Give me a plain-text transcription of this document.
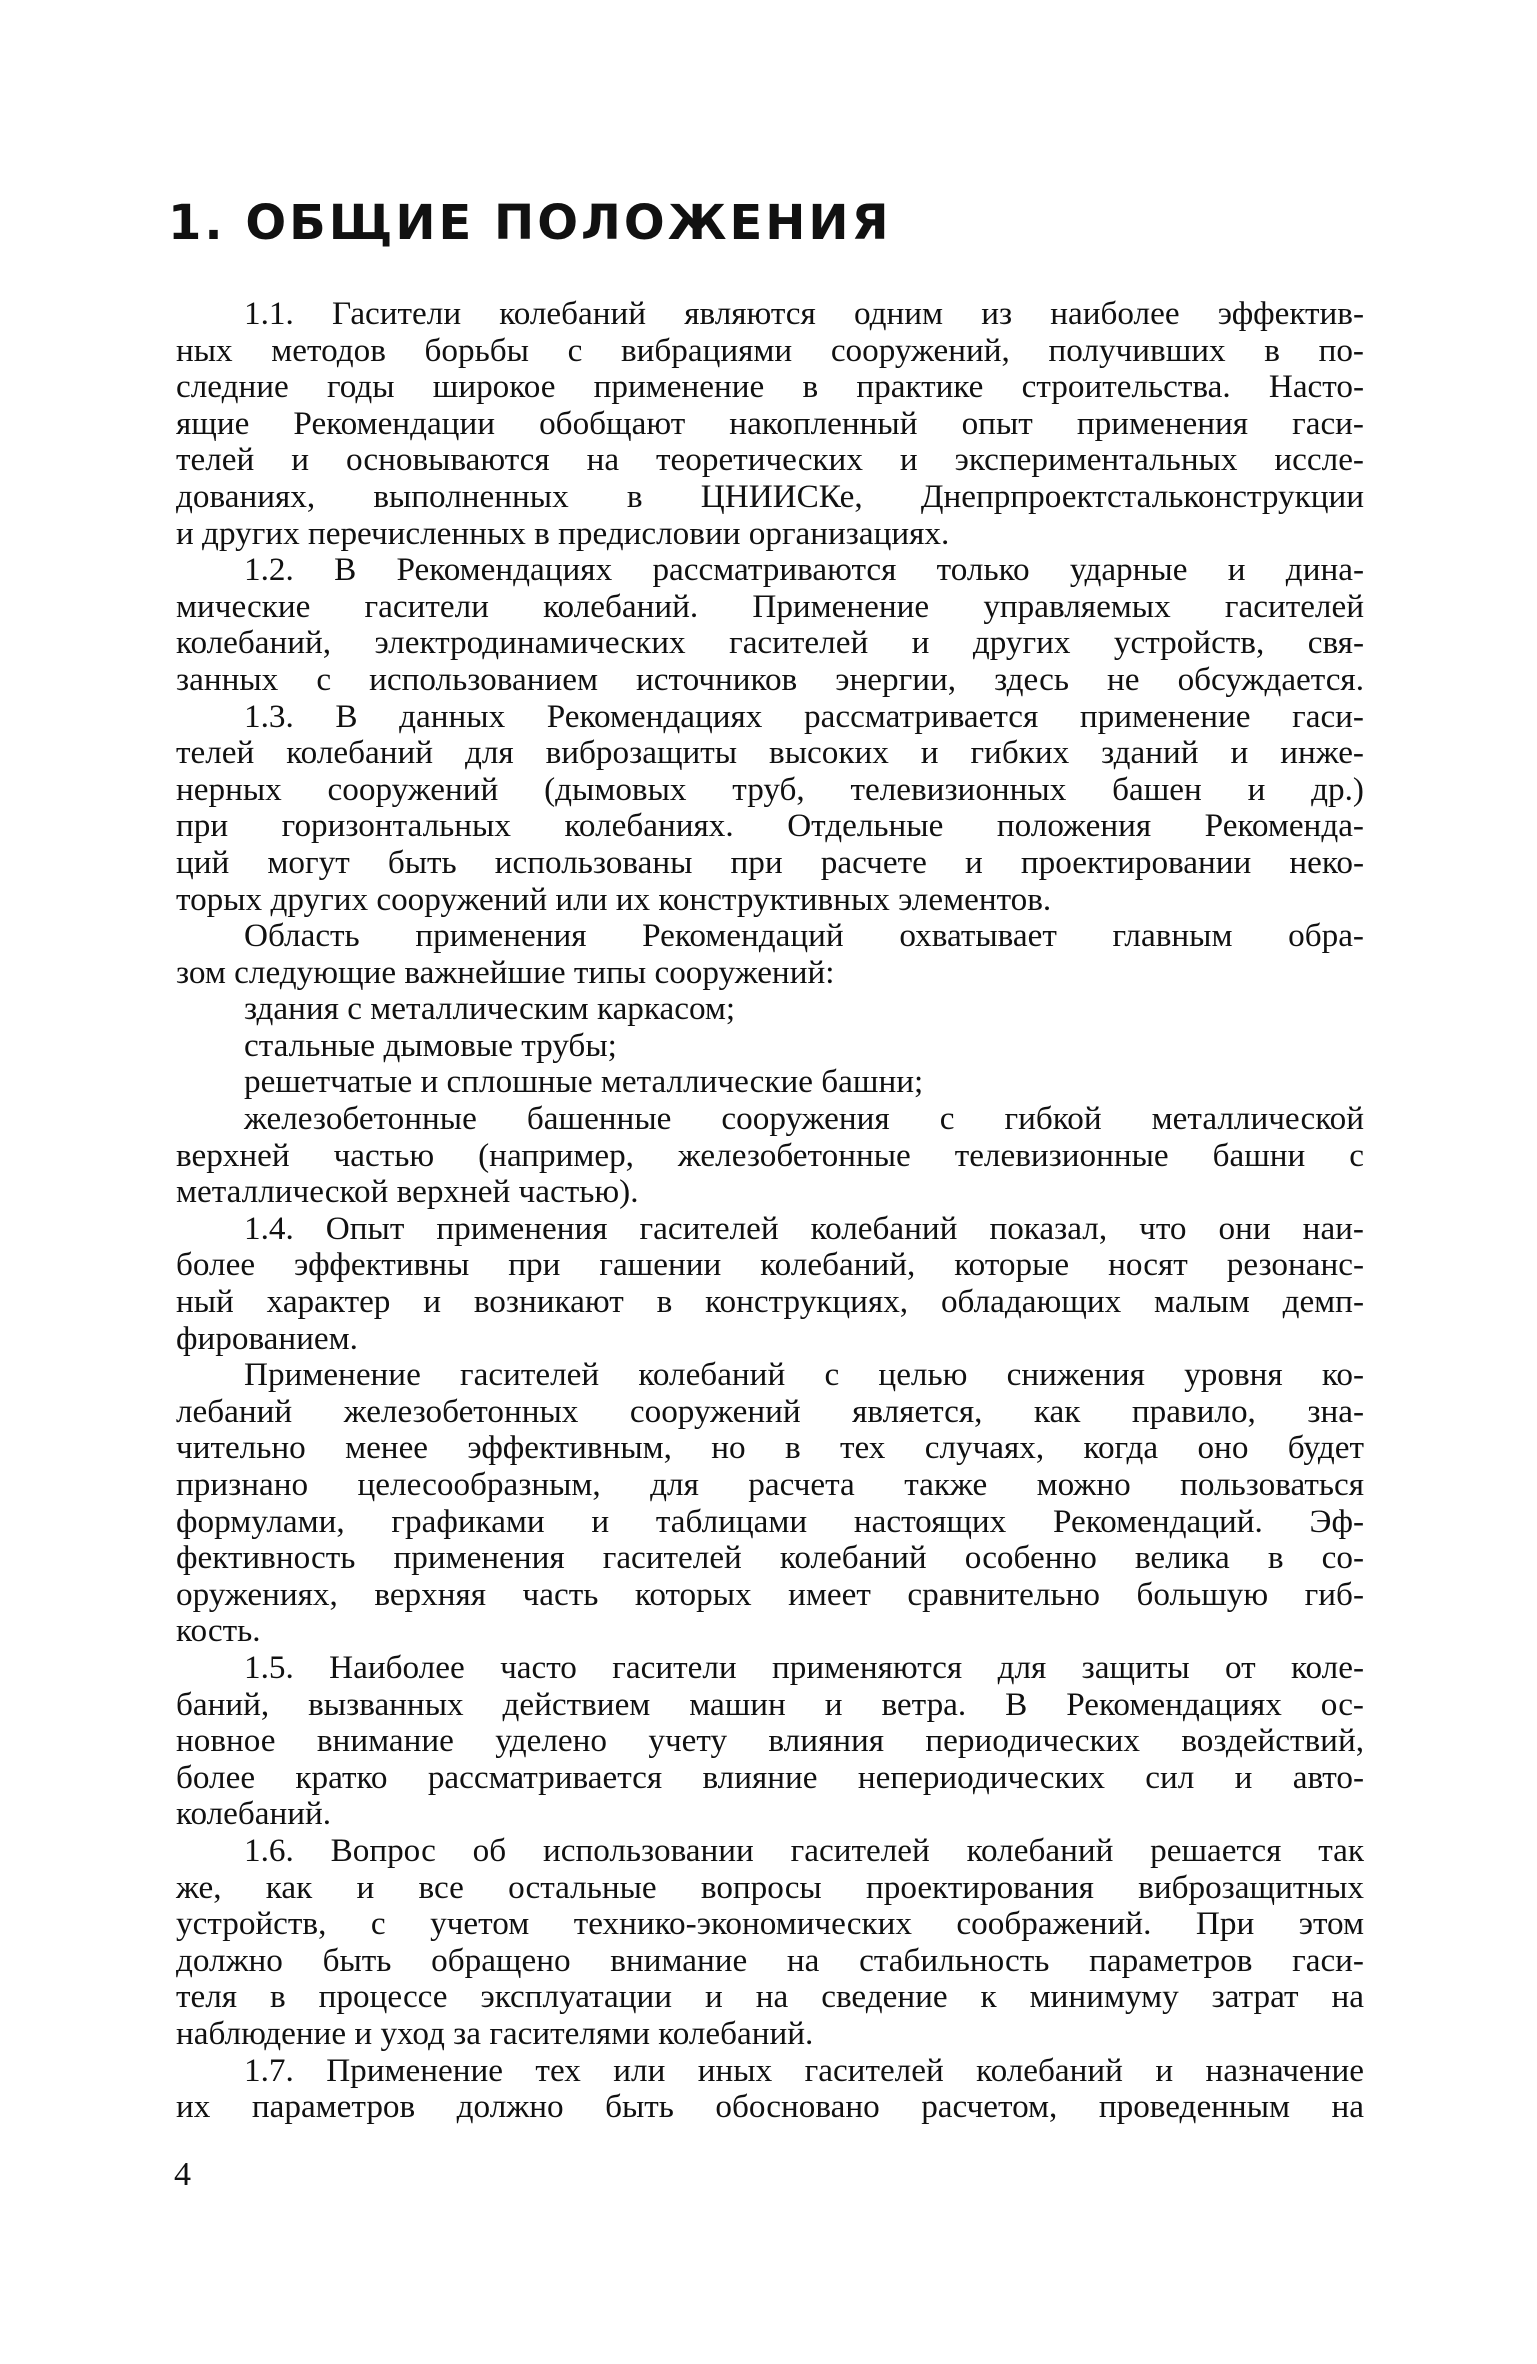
1. ОБЩИЕ ПОЛОЖЕНИЯ
1.1. Гасители колебаний являются одним из наиболее эффектив-
ных методов борьбы с вибрациями сооружений, получивших в по-
следние годы широкое применение в практике строительства. Насто-
ящие Рекомендации обобщают накопленный опыт применения гаси-
телей и основываются на теоретических и экспериментальных иссле-
дованиях, выполненных в ЦНИИСКе, Днепрпроектстальконструкции
и других перечисленных в предисловии организациях.
1.2. В Рекомендациях рассматриваются только ударные и дина-
мические гасители колебаний. Применение управляемых гасителей
колебаний, электродинамических гасителей и других устройств, свя-
занных с использованием источников энергии, здесь не обсуждается.
1.3. В данных Рекомендациях рассматривается применение гаси-
телей колебаний для виброзащиты высоких и гибких зданий и инже-
нерных сооружений (дымовых труб, телевизионных башен и др.)
при горизонтальных колебаниях. Отдельные положения Рекоменда-
ций могут быть использованы при расчете и проектировании неко-
торых других сооружений или их конструктивных элементов.
Область применения Рекомендаций охватывает главным обра-
зом следующие важнейшие типы сооружений:
здания с металлическим каркасом;
стальные дымовые трубы;
решетчатые и сплошные металлические башни;
железобетонные башенные сооружения с гибкой металлической
верхней частью (например, железобетонные телевизионные башни с
металлической верхней частью).
1.4. Опыт применения гасителей колебаний показал, что они наи-
более эффективны при гашении колебаний, которые носят резонанс-
ный характер и возникают в конструкциях, обладающих малым демп-
фированием.
Применение гасителей колебаний с целью снижения уровня ко-
лебаний железобетонных сооружений является, как правило, зна-
чительно менее эффективным, но в тех случаях, когда оно будет
признано целесообразным, для расчета также можно пользоваться
формулами, графиками и таблицами настоящих Рекомендаций. Эф-
фективность применения гасителей колебаний особенно велика в со-
оружениях, верхняя часть которых имеет сравнительно большую гиб-
кость.
1.5. Наиболее часто гасители применяются для защиты от коле-
баний, вызванных действием машин и ветра. В Рекомендациях ос-
новное внимание уделено учету влияния периодических воздействий,
более кратко рассматривается влияние непериодических сил и авто-
колебаний.
1.6. Вопрос об использовании гасителей колебаний решается так
же, как и все остальные вопросы проектирования виброзащитных
устройств, с учетом технико-экономических соображений. При этом
должно быть обращено внимание на стабильность параметров гаси-
теля в процессе эксплуатации и на сведение к минимуму затрат на
наблюдение и уход за гасителями колебаний.
1.7. Применение тех или иных гасителей колебаний и назначение
их параметров должно быть обосновано расчетом, проведенным на
4
